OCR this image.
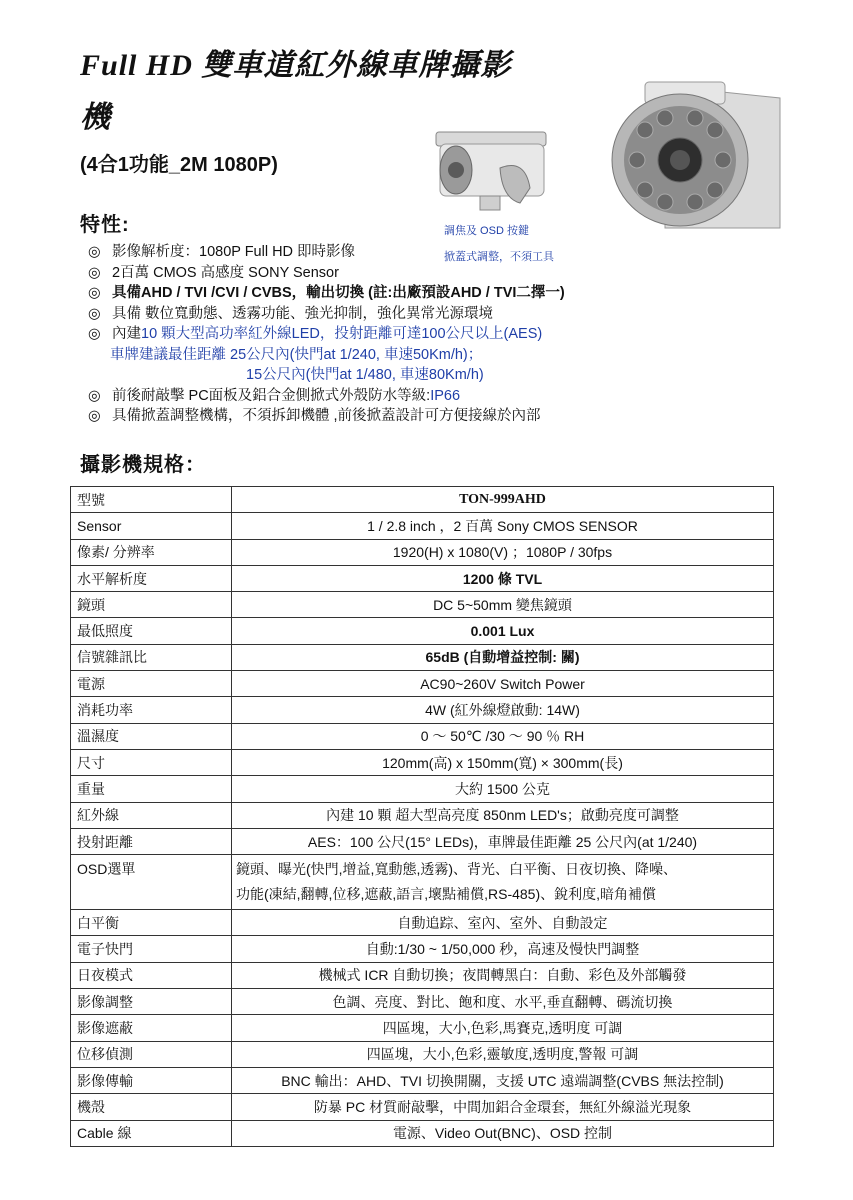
Full HD 雙車道紅外線車牌攝影
機
(4合1功能_2M 1080P)
調焦及 OSD 按鍵
掀蓋式調整，不須工具
特性:
◎ 影像解析度：1080P Full HD 即時影像
◎ 2百萬 CMOS 高感度 SONY Sensor
◎ 具備AHD / TVI /CVI / CVBS，輸出切換 (註:出廠預設AHD / TVI二擇一)
◎ 具備 數位寬動態、透霧功能、強光抑制，強化異常光源環境
◎ 內建10 顆大型高功率紅外線LED，投射距離可達100公尺以上(AES)
車牌建議最佳距離 25公尺內(快門at 1/240, 車速50Km/h)；
15公尺內(快門at 1/480, 車速80Km/h)
◎ 前後耐敲擊 PC面板及鋁合金側掀式外殼防水等級:IP66
◎ 具備掀蓋調整機構，不須拆卸機體 ,前後掀蓋設計可方便接線於內部
攝影機規格：
型號	TON-999AHD
Sensor	1 / 2.8 inch ，2 百萬 Sony CMOS SENSOR
像素/ 分辨率	1920(H) x 1080(V) ；1080P / 30fps
水平解析度	1200 條 TVL
鏡頭	DC 5~50mm 變焦鏡頭
最低照度	0.001 Lux
信號雜訊比	65dB (自動增益控制: 關)
電源	AC90~260V Switch Power
消耗功率	4W (紅外線燈啟動: 14W)
溫濕度	0 ～ 50℃ /30 ～ 90 ％ RH
尺寸	120mm(高) x 150mm(寬) × 300mm(長)
重量	大約 1500 公克
紅外線	內建 10 顆 超大型高亮度 850nm LED's；啟動亮度可調整
投射距離	AES：100 公尺(15° LEDs)，車牌最佳距離 25 公尺內(at 1/240)
OSD選單	鏡頭、曝光(快門,增益,寬動態,透霧)、背光、白平衡、日夜切換、降噪、
功能(凍結,翻轉,位移,遮蔽,語言,壞點補償,RS-485)、銳利度,暗角補償

白平衡	自動追踪、室內、室外、自動設定
電子快門	自動:1/30 ~ 1/50,000 秒，高速及慢快門調整
日夜模式	機械式 ICR 自動切換；夜間轉黑白：自動、彩色及外部觸發
影像調整	色調、亮度、對比、飽和度、水平,垂直翻轉、碼流切換
影像遮蔽	四區塊，大小,色彩,馬賽克,透明度 可調
位移偵測	四區塊，大小,色彩,靈敏度,透明度,警報 可調
影像傳輸	BNC 輸出：AHD、TVI 切換開關，支援 UTC 遠端調整(CVBS 無法控制)
機殼	防暴 PC 材質耐敲擊，中間加鋁合金環套，無紅外線溢光現象
Cable 線	電源、Video Out(BNC)、OSD 控制
